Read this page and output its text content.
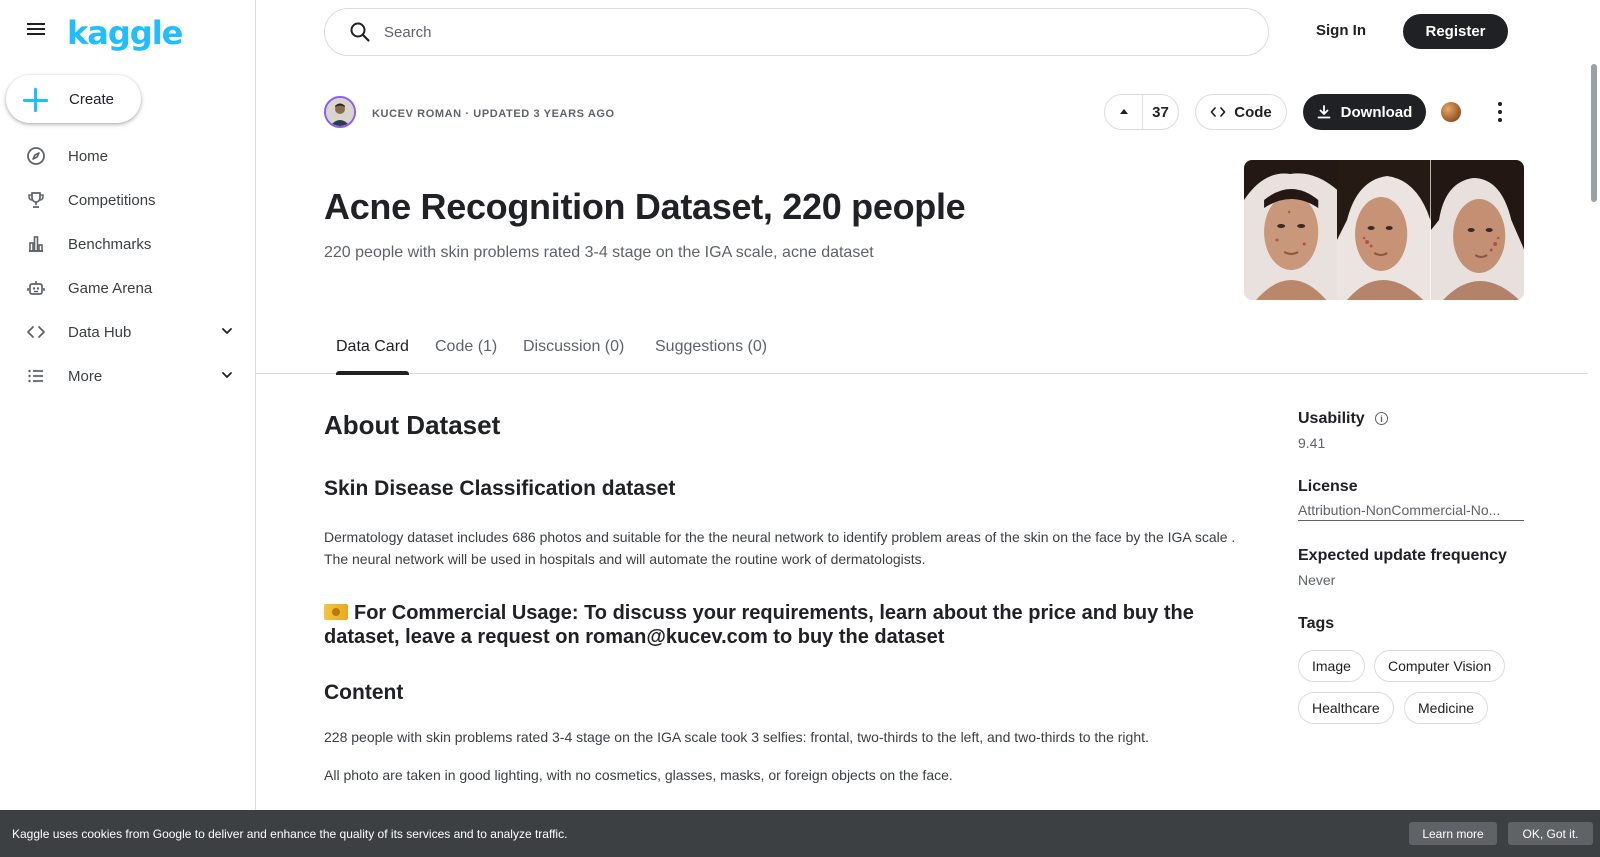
kaggle
Create
Home
Competitions
Benchmarks
Game Arena
Data Hub
More
Search
Sign In	Register
KUCEV ROMAN · UPDATED 3 YEARS AGO	37	Code	Download
Acne Recognition Dataset, 220 people
220 people with skin problems rated 3-4 stage on the IGA scale, acne dataset
Data Card Code (1) Discussion (0) Suggestions (0)
About Dataset
Skin Disease Classification dataset

Dermatology dataset includes 686 photos and suitable for the the neural network to identify problem areas of the skin on the face by the IGA scale . The neural network will be used in hospitals and will automate the routine work of dermatologists.

For Commercial Usage: To discuss your requirements, learn about the price and buy the dataset, leave a request on roman@kucev.com to buy the dataset
Content

228 people with skin problems rated 3-4 stage on the IGA scale took 3 selfies: frontal, two-thirds to the left, and two-thirds to the right.

All photo are taken in good lighting, with no cosmetics, glasses, masks, or foreign objects on the face.

Usability	i
9.41
License
Attribution-NonCommercial-No...
Expected update frequency
Never
Tags
Image	Computer Vision
Healthcare	Medicine
Kaggle uses cookies from Google to deliver and enhance the quality of its services and to analyze traffic.	Learn more	OK, Got it.
